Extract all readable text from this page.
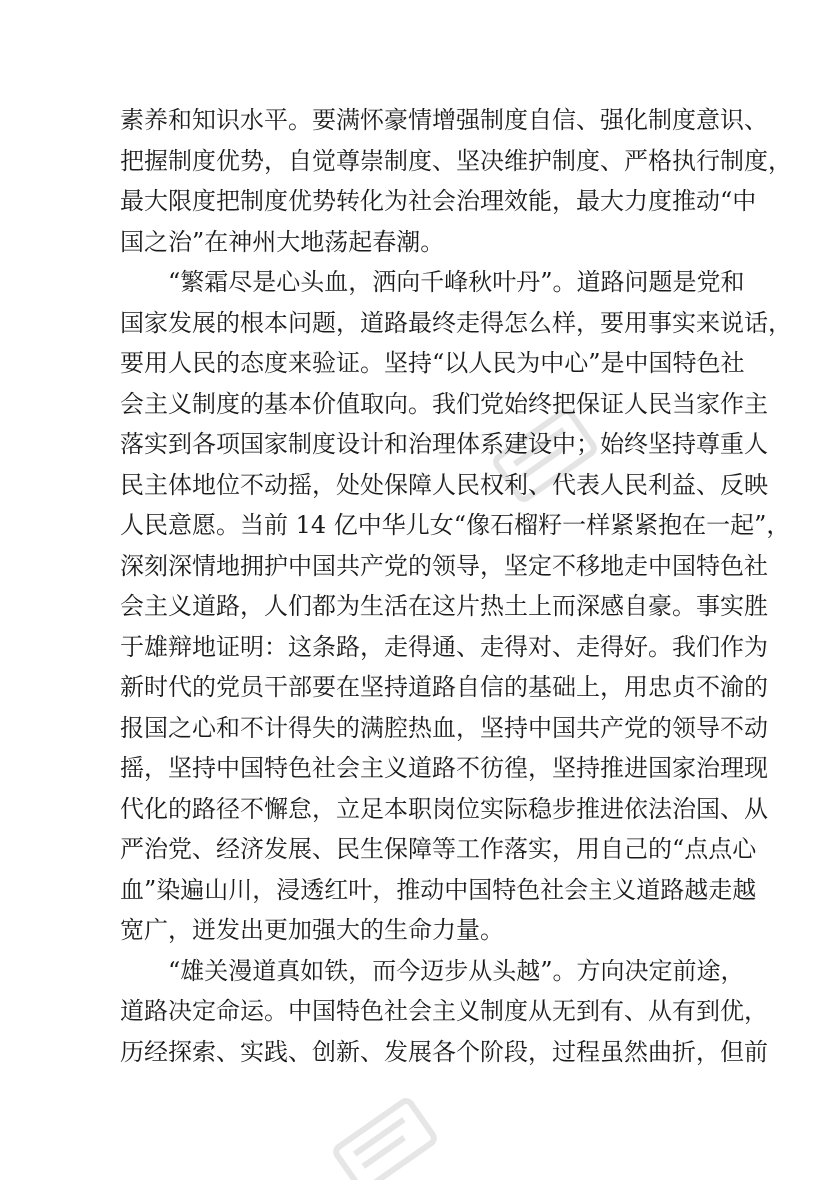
素养和知识水平。要满怀豪情增强制度自信、强化制度意识、
把握制度优势，自觉尊崇制度、坚决维护制度、严格执行制度，
最大限度把制度优势转化为社会治理效能，最大力度推动“中
国之治”在神州大地荡起春潮。
“繁霜尽是心头血，洒向千峰秋叶丹”。道路问题是党和
国家发展的根本问题，道路最终走得怎么样，要用事实来说话，
要用人民的态度来验证。坚持“以人民为中心”是中国特色社
会主义制度的基本价值取向。我们党始终把保证人民当家作主
落实到各项国家制度设计和治理体系建设中；始终坚持尊重人
民主体地位不动摇，处处保障人民权利、代表人民利益、反映
人民意愿。当前 14 亿中华儿女“像石榴籽一样紧紧抱在一起”，
深刻深情地拥护中国共产党的领导，坚定不移地走中国特色社
会主义道路，人们都为生活在这片热土上而深感自豪。事实胜
于雄辩地证明：这条路，走得通、走得对、走得好。我们作为
新时代的党员干部要在坚持道路自信的基础上，用忠贞不渝的
报国之心和不计得失的满腔热血，坚持中国共产党的领导不动
摇，坚持中国特色社会主义道路不彷徨，坚持推进国家治理现
代化的路径不懈怠，立足本职岗位实际稳步推进依法治国、从
严治党、经济发展、民生保障等工作落实，用自己的“点点心
血”染遍山川，浸透红叶，推动中国特色社会主义道路越走越
宽广，迸发出更加强大的生命力量。
“雄关漫道真如铁，而今迈步从头越”。方向决定前途，
道路决定命运。中国特色社会主义制度从无到有、从有到优，
历经探索、实践、创新、发展各个阶段，过程虽然曲折，但前
